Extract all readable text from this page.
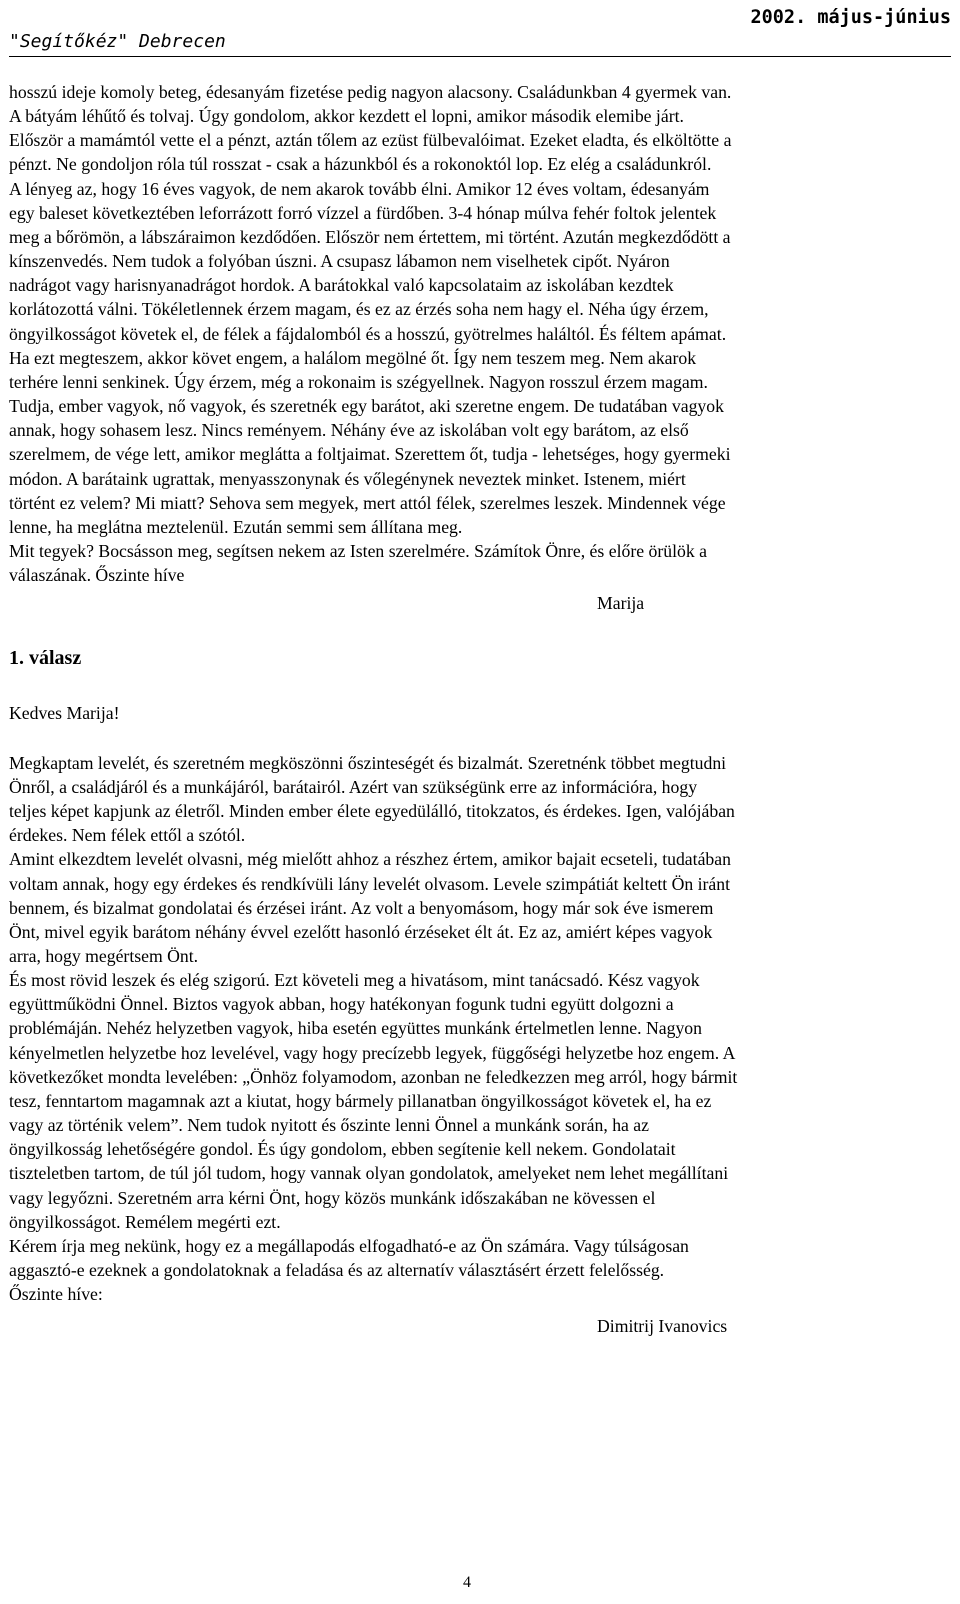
"Segítőkéz" Debrecen
2002. május-június
hosszú ideje komoly beteg, édesanyám fizetése pedig nagyon alacsony. Családunkban 4 gyermek van.
A bátyám léhűtő és tolvaj. Úgy gondolom, akkor kezdett el lopni, amikor második elemibe járt.
Először a mamámtól vette el a pénzt, aztán tőlem az ezüst fülbevalóimat. Ezeket eladta, és elköltötte a
pénzt. Ne gondoljon róla túl rosszat - csak a házunkból és a rokonoktól lop. Ez elég a családunkról.
A lényeg az, hogy 16 éves vagyok, de nem akarok tovább élni. Amikor 12 éves voltam, édesanyám
egy baleset következtében leforrázott forró vízzel a fürdőben. 3-4 hónap múlva fehér foltok jelentek
meg a bőrömön, a lábszáraimon kezdődően. Először nem értettem, mi történt. Azután megkezdődött a
kínszenvedés. Nem tudok a folyóban úszni. A csupasz lábamon nem viselhetek cipőt. Nyáron
nadrágot vagy harisnyanadrágot hordok. A barátokkal való kapcsolataim az iskolában kezdtek
korlátozottá válni. Tökéletlennek érzem magam, és ez az érzés soha nem hagy el. Néha úgy érzem,
öngyilkosságot követek el, de félek a fájdalomból és a hosszú, gyötrelmes haláltól. És féltem apámat.
Ha ezt megteszem, akkor követ engem, a halálom megölné őt. Így nem teszem meg. Nem akarok
terhére lenni senkinek. Úgy érzem, még a rokonaim is szégyellnek. Nagyon rosszul érzem magam.
Tudja, ember vagyok, nő vagyok, és szeretnék egy barátot, aki szeretne engem. De tudatában vagyok
annak, hogy sohasem lesz. Nincs reményem. Néhány éve az iskolában volt egy barátom, az első
szerelmem, de vége lett, amikor meglátta a foltjaimat. Szerettem őt, tudja - lehetséges, hogy gyermeki
módon. A barátaink ugrattak, menyasszonynak és vőlegénynek neveztek minket. Istenem, miért
történt ez velem? Mi miatt? Sehova sem megyek, mert attól félek, szerelmes leszek. Mindennek vége
lenne, ha meglátna meztelenül. Ezután semmi sem állítana meg.
Mit tegyek? Bocsásson meg, segítsen nekem az Isten szerelmére. Számítok Önre, és előre örülök a
válaszának. Őszinte híve
Marija
1. válasz
Kedves Marija!
Megkaptam levelét, és szeretném megköszönni őszinteségét és bizalmát. Szeretnénk többet megtudni
Önről, a családjáról és a munkájáról, barátairól. Azért van szükségünk erre az információra, hogy
teljes képet kapjunk az életről. Minden ember élete egyedülálló, titokzatos, és érdekes. Igen, valójában
érdekes. Nem félek ettől a szótól.
Amint elkezdtem levelét olvasni, még mielőtt ahhoz a részhez értem, amikor bajait ecseteli, tudatában
voltam annak, hogy egy érdekes és rendkívüli lány levelét olvasom. Levele szimpátiát keltett Ön iránt
bennem, és bizalmat gondolatai és érzései iránt. Az volt a benyomásom, hogy már sok éve ismerem
Önt, mivel egyik barátom néhány évvel ezelőtt hasonló érzéseket élt át. Ez az, amiért képes vagyok
arra, hogy megértsem Önt.
És most rövid leszek és elég szigorú. Ezt követeli meg a hivatásom, mint tanácsadó. Kész vagyok
együttműködni Önnel. Biztos vagyok abban, hogy hatékonyan fogunk tudni együtt dolgozni a
problémáján. Nehéz helyzetben vagyok, hiba esetén együttes munkánk értelmetlen lenne. Nagyon
kényelmetlen helyzetbe hoz levelével, vagy hogy precízebb legyek, függőségi helyzetbe hoz engem. A
következőket mondta levelében: „Önhöz folyamodom, azonban ne feledkezzen meg arról, hogy bármit
tesz, fenntartom magamnak azt a kiutat, hogy bármely pillanatban öngyilkosságot követek el, ha ez
vagy az történik velem”. Nem tudok nyitott és őszinte lenni Önnel a munkánk során, ha az
öngyilkosság lehetőségére gondol. És úgy gondolom, ebben segítenie kell nekem. Gondolatait
tiszteletben tartom, de túl jól tudom, hogy vannak olyan gondolatok, amelyeket nem lehet megállítani
vagy legyőzni. Szeretném arra kérni Önt, hogy közös munkánk időszakában ne kövessen el
öngyilkosságot. Remélem megérti ezt.
Kérem írja meg nekünk, hogy ez a megállapodás elfogadható-e az Ön számára. Vagy túlságosan
aggasztó-e ezeknek a gondolatoknak a feladása és az alternatív választásért érzett felelősség.
Őszinte híve:
Dimitrij Ivanovics
4
